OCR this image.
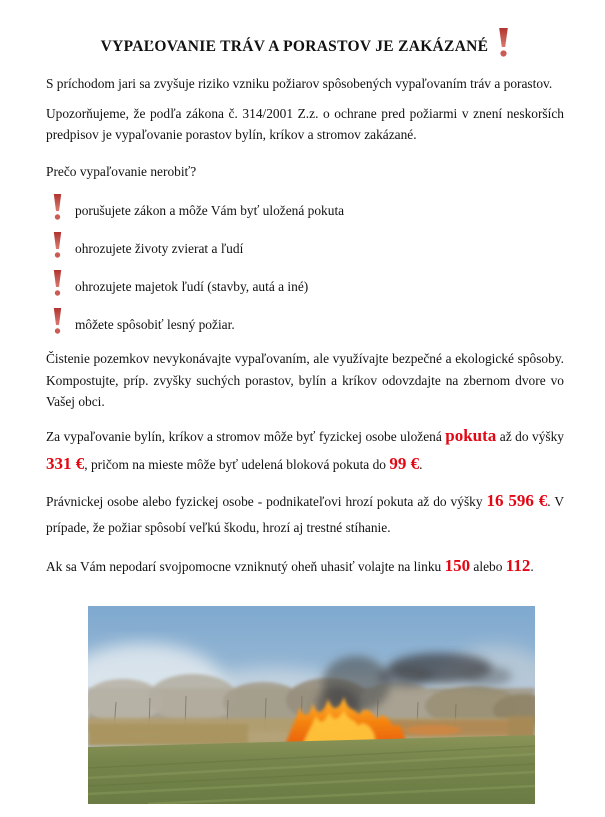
VYPAĽOVANIE TRÁV A PORASTOV JE ZAKÁZANÉ

S príchodom jari sa zvyšuje riziko vzniku požiarov spôsobených vypaľovaním tráv a porastov.

Upozorňujeme, že podľa zákona č. 314/2001 Z.z. o ochrane pred požiarmi v znení neskorších predpisov je vypaľovanie porastov bylín, kríkov a stromov zakázané.

Prečo vypaľovanie nerobiť?

porušujete zákon a môže Vám byť uložená pokuta
ohrozujete životy zvierat a ľudí
ohrozujete majetok ľudí (stavby, autá a iné)
môžete spôsobiť lesný požiar.

Čistenie pozemkov nevykonávajte vypaľovaním, ale využívajte bezpečné a ekologické spôsoby. Kompostujte, príp. zvyšky suchých porastov, bylín a kríkov odovzdajte na zbernom dvore vo Vašej obci.

Za vypaľovanie bylín, kríkov a stromov môže byť fyzickej osobe uložená pokuta až do výšky 331 €, pričom na mieste môže byť udelená bloková pokuta do 99 €.

Právnickej osobe alebo fyzickej osobe - podnikateľovi hrozí pokuta až do výšky 16 596 €. V prípade, že požiar spôsobí veľkú škodu, hrozí aj trestné stíhanie.

Ak sa Vám nepodarí svojpomocne vzniknutý oheň uhasiť volajte na linku 150 alebo 112.
